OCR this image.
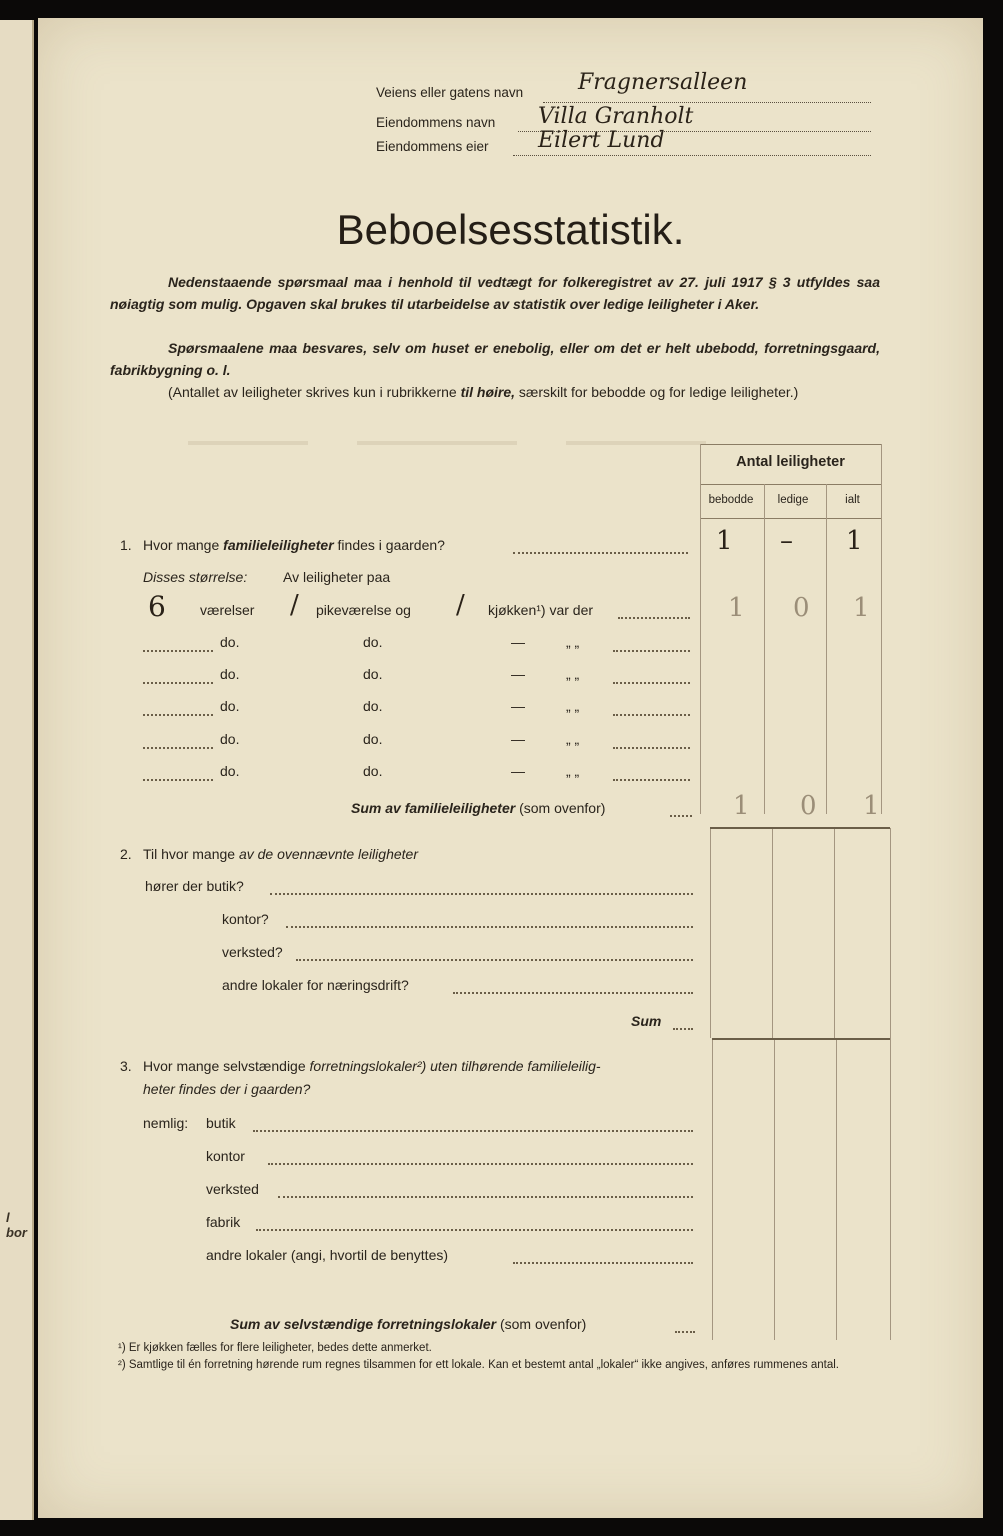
l bor

Veiens eller gatens navn Fragnersalleen
Eiendommens navn Villa Granholt
Eiendommens eier Eilert Lund
Beboelsesstatistik.
Nedenstaaende spørsmaal maa i henhold til vedtægt for folkeregistret av 27. juli 1917 § 3 utfyldes saa nøiagtig som mulig. Opgaven skal brukes til utarbeidelse av statistik over ledige leiligheter i Aker.
Spørsmaalene maa besvares, selv om huset er enebolig, eller om det er helt ubebodd, forretningsgaard, fabrikbygning o. l.
(Antallet av leiligheter skrives kun i rubrikkerne til høire, særskilt for bebodde og for ledige leiligheter.)
Antal leiligheter
bebodde	ledige	ialt
1. Hvor mange familieleiligheter findes i gaarden?	1 – 1
Disses størrelse:	Av leiligheter paa
6 værelser / pikeværelse og / kjøkken¹) var der	1 0 1
do.	do.	—	„ „
do.	do.	—	„ „
do.	do.	—	„ „
do.	do.	—	„ „
do.	do.	—	„ „
Sum av familieleiligheter (som ovenfor)	1 0 1
2. Til hvor mange av de ovennævnte leiligheter
hører der butik?
kontor?
verksted?
andre lokaler for næringsdrift?
Sum
3. Hvor mange selvstændige forretningslokaler²) uten tilhørende familieleilig-
heter findes der i gaarden?
nemlig: butik
kontor
verksted
fabrik
andre lokaler (angi, hvortil de benyttes)
Sum av selvstændige forretningslokaler (som ovenfor)
¹) Er kjøkken fælles for flere leiligheter, bedes dette anmerket.
²) Samtlige til én forretning hørende rum regnes tilsammen for ett lokale. Kan et bestemt antal „lokaler“ ikke angives, anføres rummenes antal.
